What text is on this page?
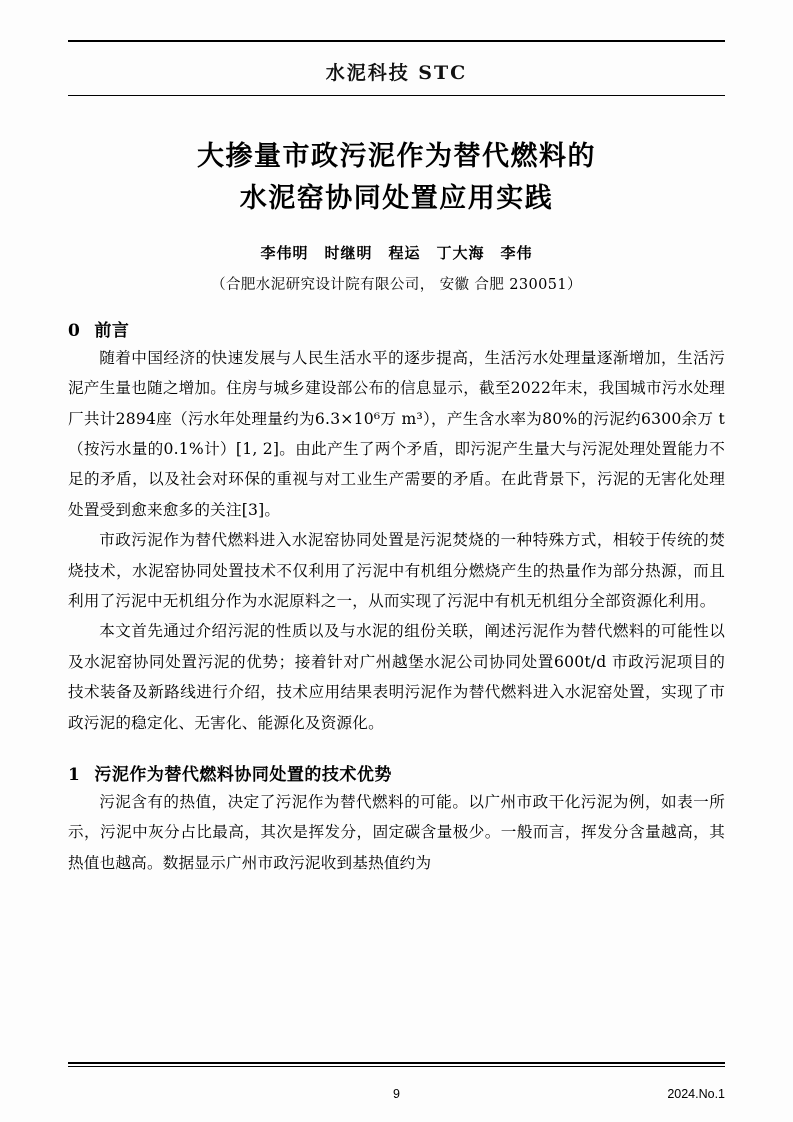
水泥科技 STC
大掺量市政污泥作为替代燃料的
水泥窑协同处置应用实践
李伟明 时继明 程运 丁大海 李伟
（合肥水泥研究设计院有限公司， 安徽 合肥 230051）
0 前言

随着中国经济的快速发展与人民生活水平的逐步提高，生活污水处理量逐渐增加，生活污泥产生量也随之增加。住房与城乡建设部公布的信息显示，截至2022年末，我国城市污水处理厂共计2894座（污水年处理量约为6.3×10⁶万 m³），产生含水率为80%的污泥约6300余万 t（按污水量的0.1%计）[1, 2]。由此产生了两个矛盾，即污泥产生量大与污泥处理处置能力不足的矛盾，以及社会对环保的重视与对工业生产需要的矛盾。在此背景下，污泥的无害化处理处置受到愈来愈多的关注[3]。

市政污泥作为替代燃料进入水泥窑协同处置是污泥焚烧的一种特殊方式，相较于传统的焚烧技术，水泥窑协同处置技术不仅利用了污泥中有机组分燃烧产生的热量作为部分热源，而且利用了污泥中无机组分作为水泥原料之一，从而实现了污泥中有机无机组分全部资源化利用。

本文首先通过介绍污泥的性质以及与水泥的组份关联，阐述污泥作为替代燃料的可能性以及水泥窑协同处置污泥的优势；接着针对广州越堡水泥公司协同处置600t/d 市政污泥项目的技术装备及新路线进行介绍，技术应用结果表明污泥作为替代燃料进入水泥窑处置，实现了市政污泥的稳定化、无害化、能源化及资源化。

1 污泥作为替代燃料协同处置的技术优势

污泥含有的热值，决定了污泥作为替代燃料的可能。以广州市政干化污泥为例，如表一所示，污泥中灰分占比最高，其次是挥发分，固定碳含量极少。一般而言，挥发分含量越高，其热值也越高。数据显示广州市政污泥收到基热值约为

9	2024.No.1
